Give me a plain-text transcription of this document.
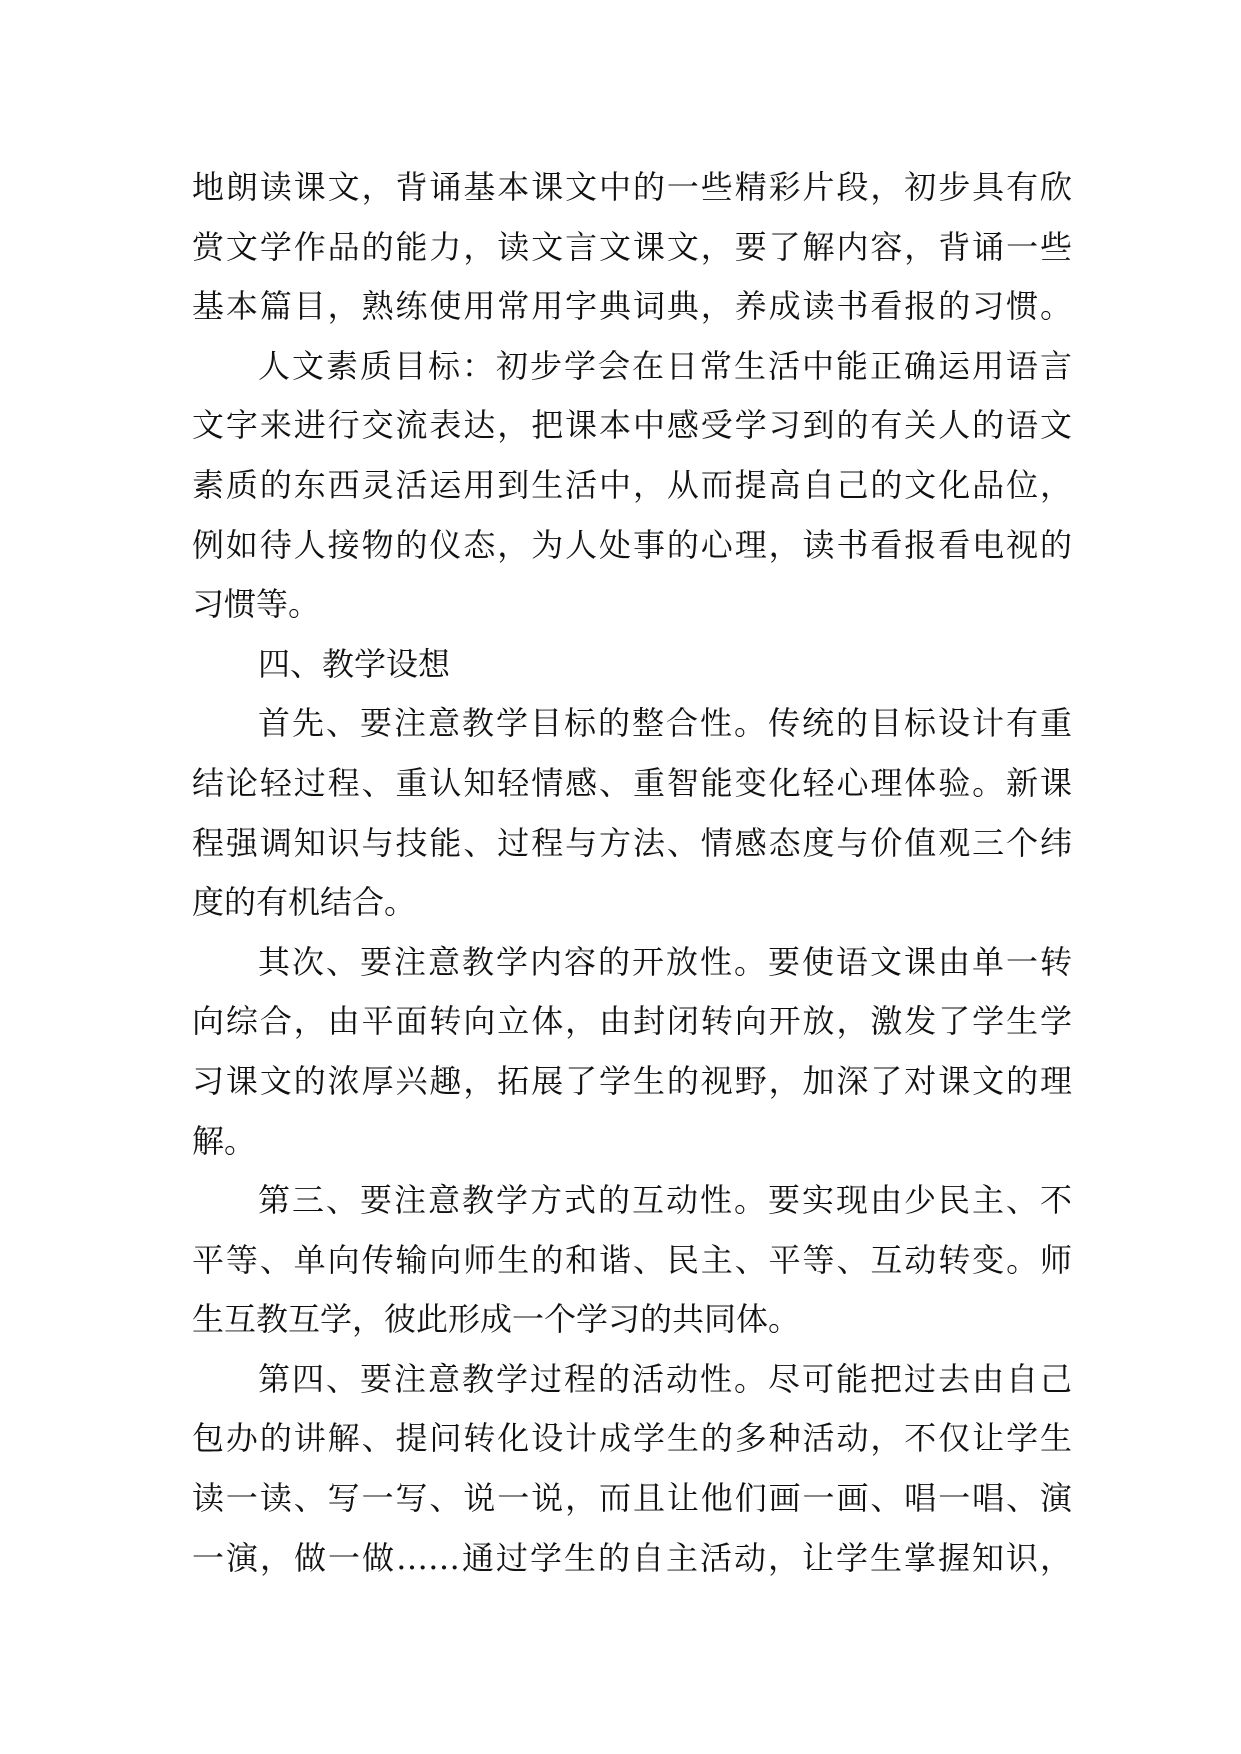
地朗读课文，背诵基本课文中的一些精彩片段，初步具有欣
赏文学作品的能力，读文言文课文，要了解内容，背诵一些
基本篇目，熟练使用常用字典词典，养成读书看报的习惯。
人文素质目标：初步学会在日常生活中能正确运用语言
文字来进行交流表达，把课本中感受学习到的有关人的语文
素质的东西灵活运用到生活中，从而提高自己的文化品位，
例如待人接物的仪态，为人处事的心理，读书看报看电视的
习惯等。
四、教学设想
首先、要注意教学目标的整合性。传统的目标设计有重
结论轻过程、重认知轻情感、重智能变化轻心理体验。新课
程强调知识与技能、过程与方法、情感态度与价值观三个纬
度的有机结合。
其次、要注意教学内容的开放性。要使语文课由单一转
向综合，由平面转向立体，由封闭转向开放，激发了学生学
习课文的浓厚兴趣，拓展了学生的视野，加深了对课文的理
解。
第三、要注意教学方式的互动性。要实现由少民主、不
平等、单向传输向师生的和谐、民主、平等、互动转变。师
生互教互学，彼此形成一个学习的共同体。
第四、要注意教学过程的活动性。尽可能把过去由自己
包办的讲解、提问转化设计成学生的多种活动，不仅让学生
读一读、写一写、说一说，而且让他们画一画、唱一唱、演
一演，做一做……通过学生的自主活动，让学生掌握知识，
